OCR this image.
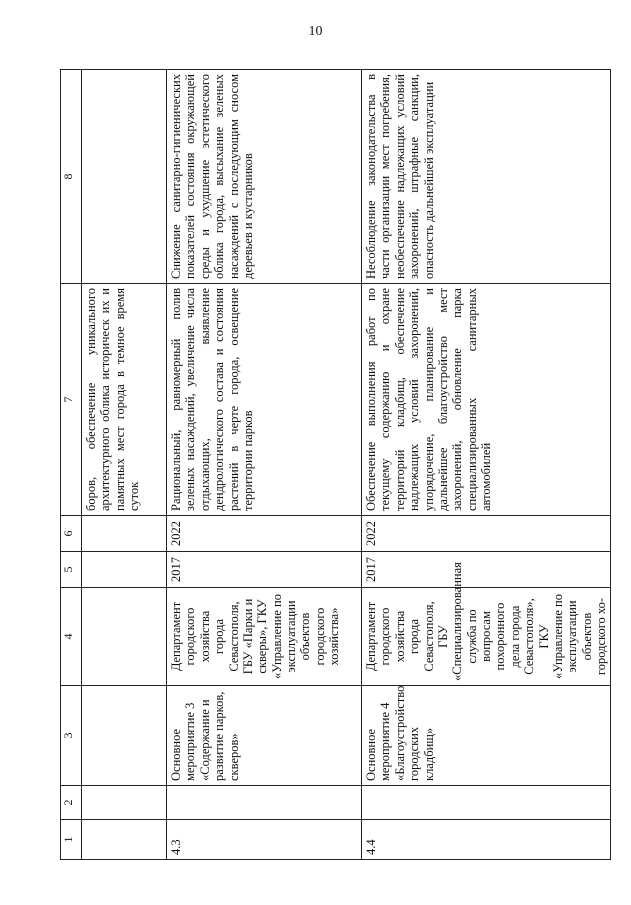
10
1	2	3	4	5	6	7	8
						боров, обеспечение уникального архитектурного облика историческ их и памятных мест города в темное время суток	
4.3		Основное мероприятие 3 «Содержание и развитие парков, скверов»	Департамент городского хозяйства города Севастополя, ГБУ «Парки и скверы», ГКУ «Управление по эксплуатации объектов городского хозяйства»	2017	2022	Рациональный, равномерный полив зеленых насаждений, увеличение числа отдыхающих, выявление дендрологического состава и состояния растений в черте города, освещение территории парков	Снижение санитарно-гигиенических показателей состояния окружающей среды и ухудшение эстетического облика города, высыхание зеленых насаждений с последующим сносом деревьев и кустарников
4.4		Основное мероприятие 4 «Благоустройство городских кладбищ»	Департамент городского хозяйства города Севастополя, ГБУ «Специализированная служба по вопросам похоронного дела города Севастополя», ГКУ «Управление по эксплуатации объектов городского хо-	2017	2022	Обеспечение выполнения работ по текущему содержанию и охране территорий кладбищ, обеспечение надлежащих условий захоронений, упорядочение, планирование и дальнейшее благоустройство мест захоронений, обновление парка специализированных санитарных автомобилей	Несоблюдение законодательства в части организации мест погребения, необеспечение надлежащих условий захоронений, штрафные санкции, опасность дальнейшей эксплуатации
